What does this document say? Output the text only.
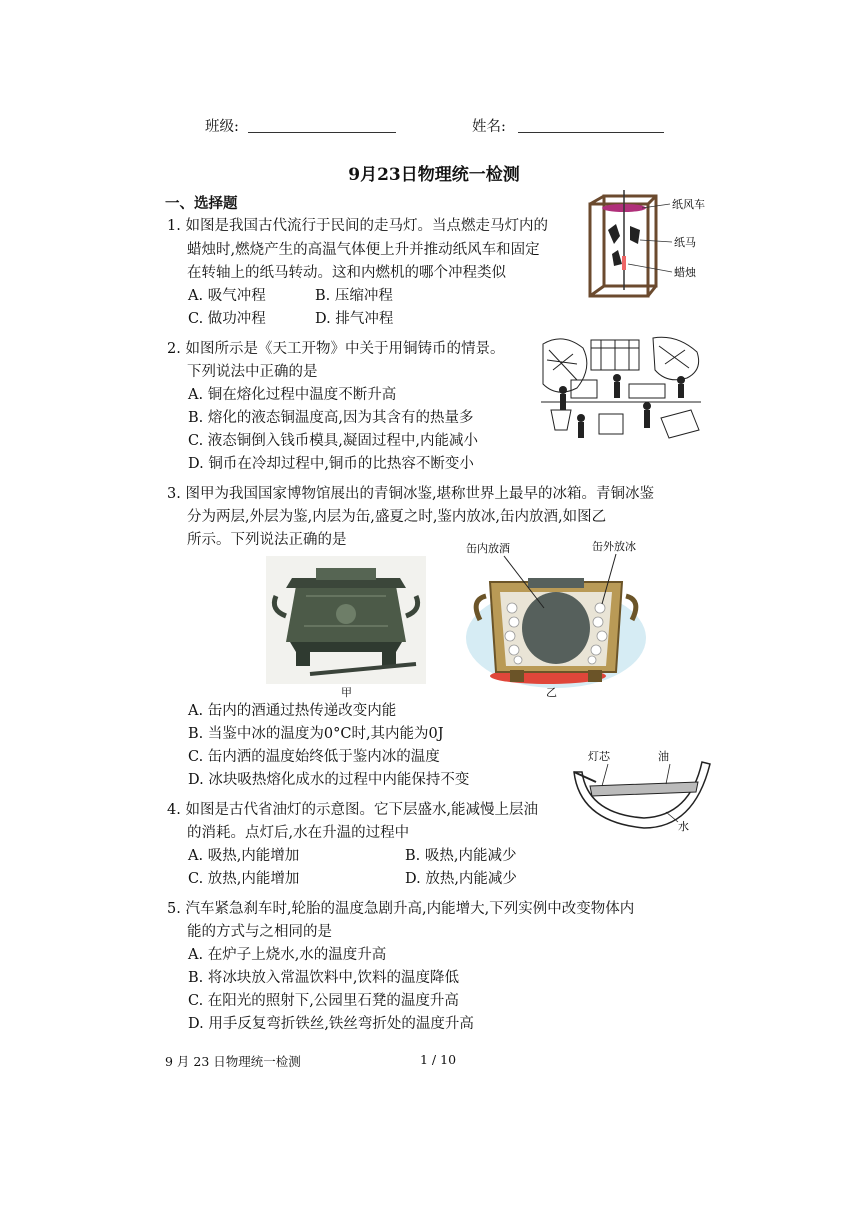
班级:	姓名:
9月23日物理统一检测
一、选择题
1. 如图是我国古代流行于民间的走马灯。当点燃走马灯内的
蜡烛时,燃烧产生的高温气体便上升并推动纸风车和固定
在转轴上的纸马转动。这和内燃机的哪个冲程类似
A. 吸气冲程	B. 压缩冲程
C. 做功冲程	D. 排气冲程
纸风车
纸马
蜡烛
2. 如图所示是《天工开物》中关于用铜铸币的情景。
下列说法中正确的是
A. 铜在熔化过程中温度不断升高
B. 熔化的液态铜温度高,因为其含有的热量多
C. 液态铜倒入钱币模具,凝固过程中,内能减小
D. 铜币在冷却过程中,铜币的比热容不断变小
3. 图甲为我国国家博物馆展出的青铜冰鉴,堪称世界上最早的冰箱。青铜冰鉴
分为两层,外层为鉴,内层为缶,盛夏之时,鉴内放冰,缶内放酒,如图乙
所示。下列说法正确的是
甲
缶内放酒	缶外放冰
乙
A. 缶内的酒通过热传递改变内能
B. 当鉴中冰的温度为0°C时,其内能为0J
C. 缶内洒的温度始终低于鉴内冰的温度
D. 冰块吸热熔化成水的过程中内能保持不变
灯芯	油
水
4. 如图是古代省油灯的示意图。它下层盛水,能减慢上层油
的消耗。点灯后,水在升温的过程中
A. 吸热,内能增加	B. 吸热,内能减少
C. 放热,内能增加	D. 放热,内能减少
5. 汽车紧急刹车时,轮胎的温度急剧升高,内能增大,下列实例中改变物体内
能的方式与之相同的是
A. 在炉子上烧水,水的温度升高
B. 将冰块放入常温饮料中,饮料的温度降低
C. 在阳光的照射下,公园里石凳的温度升高
D. 用手反复弯折铁丝,铁丝弯折处的温度升高
9 月 23 日物理统一检测	1 / 10
